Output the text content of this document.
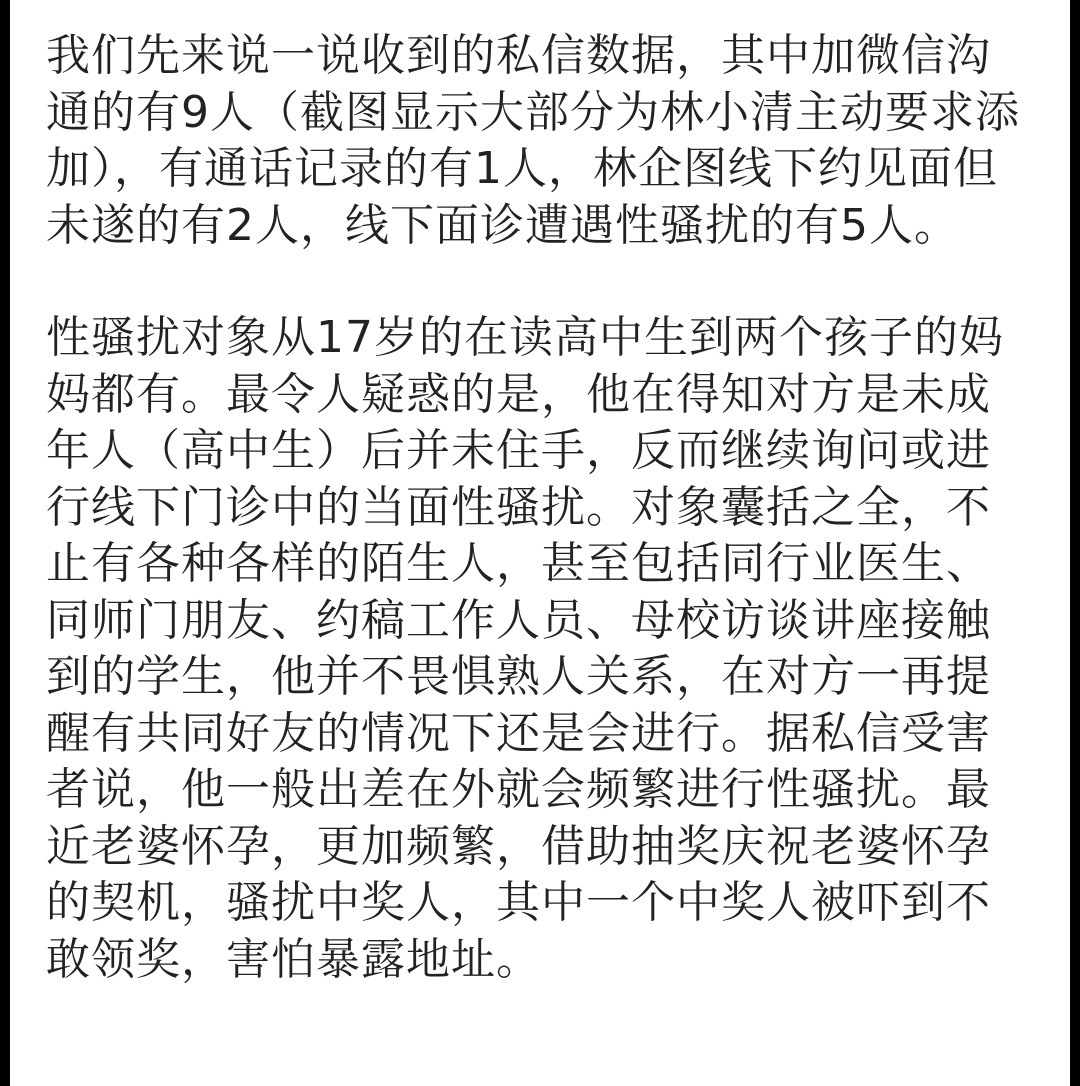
我们先来说一说收到的私信数据，其中加微信沟通的有9人（截图显示大部分为林小清主动要求添加），有通话记录的有1人，林企图线下约见面但未遂的有2人，线下面诊遭遇性骚扰的有5人。

性骚扰对象从17岁的在读高中生到两个孩子的妈妈都有。最令人疑惑的是，他在得知对方是未成年人（高中生）后并未住手，反而继续询问或进行线下门诊中的当面性骚扰。对象囊括之全，不止有各种各样的陌生人，甚至包括同行业医生、同师门朋友、约稿工作人员、母校访谈讲座接触到的学生，他并不畏惧熟人关系，在对方一再提醒有共同好友的情况下还是会进行。据私信受害者说，他一般出差在外就会频繁进行性骚扰。最近老婆怀孕，更加频繁，借助抽奖庆祝老婆怀孕的契机，骚扰中奖人，其中一个中奖人被吓到不敢领奖，害怕暴露地址。
